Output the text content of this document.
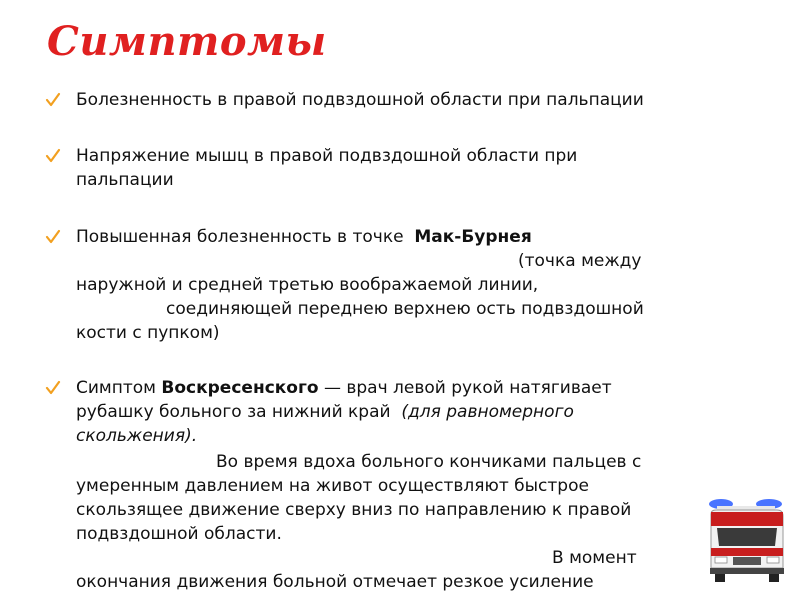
Симптомы
Болезненность в правой подвздошной области при пальпации
Напряжение мышц в правой подвздошной области при
пальпации
Повышенная болезненность в точке  Мак-Бурнея
(точка между
наружной и средней третью воображаемой линии,
соединяющей переднею верхнею ость подвздошной
кости с пупком)
Симптом Воскресенского — врач левой рукой натягивает
рубашку больного за нижний край  (для равномерного
скольжения).
Во время вдоха больного кончиками пальцев с
умеренным давлением на живот осуществляют быстрое
скользящее движение сверху вниз по направлению к правой
подвздошной области.
В момент
окончания движения больной отмечает резкое усиление
